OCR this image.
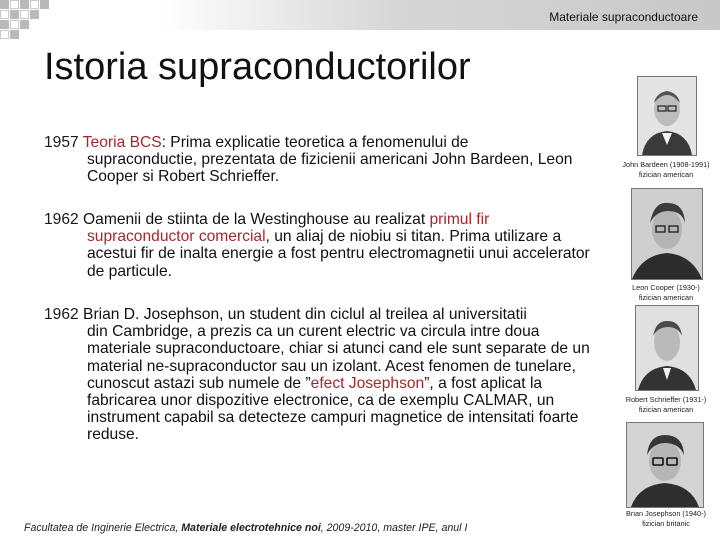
Materiale supraconductoare
Istoria supraconductorilor
1957 Teoria BCS: Prima explicatie teoretica a fenomenului de
supraconductie, prezentata de fizicienii americani John Bardeen, Leon Cooper si Robert Schrieffer.
1962 Oamenii de stiinta de la Westinghouse au realizat primul fir
supraconductor comercial, un aliaj de niobiu si titan. Prima utilizare a acestui fir de inalta energie a fost pentru electromagnetii unui accelerator de particule.
1962 Brian D. Josephson, un student din ciclul al treilea al universitatii
din Cambridge, a prezis ca un curent electric va circula intre doua materiale supraconductoare, chiar si atunci cand ele sunt separate de un material ne-supraconductor sau un izolant. Acest fenomen de tunelare, cunoscut astazi sub numele de ”efect Josephson”, a fost aplicat la fabricarea unor dispozitive electronice, ca de exemplu CALMAR, un instrument capabil sa detecteze campuri magnetice de intensitati foarte reduse.
John Bardeen (1908-1991)
fizician american
Leon Cooper (1930-)
fizician american
Robert Schrieffer (1931-)
fizician american
Brian Josephson (1940-)
fizician britanic
Facultatea de Inginerie Electrica, Materiale electrotehnice noi, 2009-2010, master IPE, anul I
